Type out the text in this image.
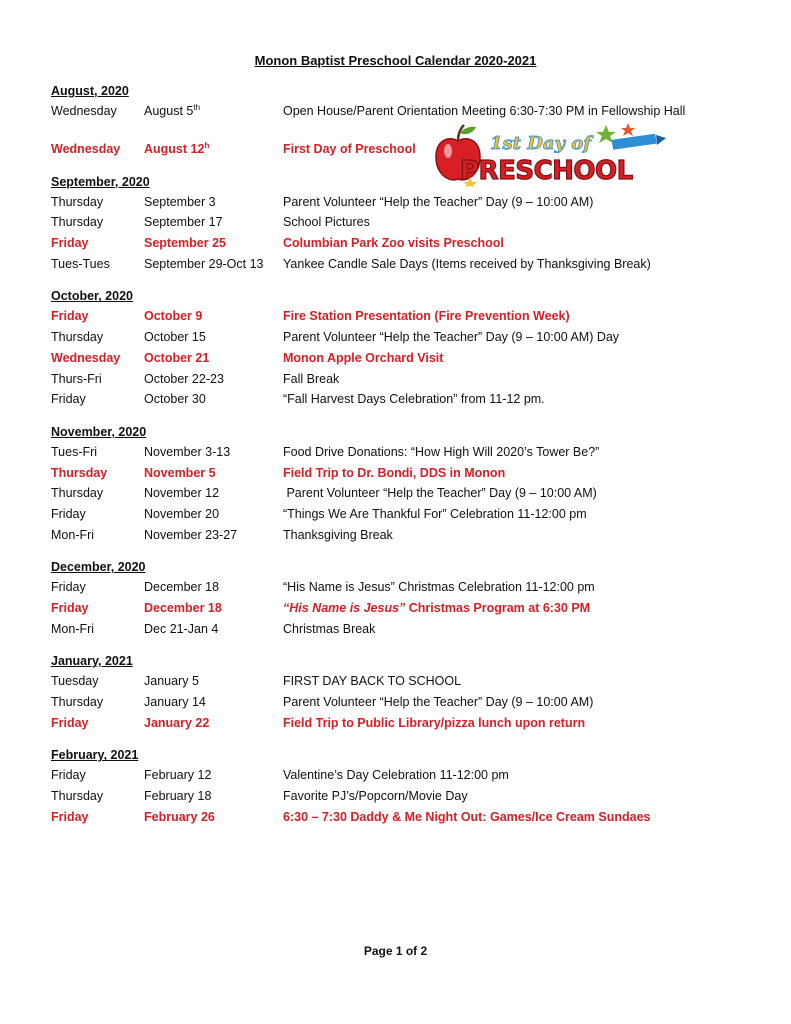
Monon Baptist Preschool Calendar 2020-2021
August, 2020
Wednesday	August 5th	Open House/Parent Orientation Meeting 6:30-7:30 PM in Fellowship Hall
Wednesday	August 12$^h$	First Day of Preschool
September, 2020
Thursday	September 3	Parent Volunteer “Help the Teacher” Day (9 – 10:00 AM)
Thursday	September 17	School Pictures
Friday	September 25	Columbian Park Zoo visits Preschool
Tues-Tues	September 29-Oct 13	Yankee Candle Sale Days (Items received by Thanksgiving Break)
October, 2020
Friday	October 9	Fire Station Presentation (Fire Prevention Week)
Thursday	October 15	Parent Volunteer “Help the Teacher” Day (9 – 10:00 AM) Day
Wednesday	October 21	Monon Apple Orchard Visit
Thurs-Fri	October 22-23	Fall Break
Friday	October 30	“Fall Harvest Days Celebration” from 11-12 pm.
November, 2020
Tues-Fri	November 3-13	Food Drive Donations: “How High Will 2020’s Tower Be?”
Thursday	November 5	Field Trip to Dr. Bondi, DDS in Monon
Thursday	November 12	Parent Volunteer “Help the Teacher” Day (9 – 10:00 AM)
Friday	November 20	“Things We Are Thankful For” Celebration 11-12:00 pm
Mon-Fri	November 23-27	Thanksgiving Break
December, 2020
Friday	December 18	“His Name is Jesus” Christmas Celebration 11-12:00 pm
Friday	December 18	“His Name is Jesus” Christmas Program at 6:30 PM
Mon-Fri	Dec 21-Jan 4	Christmas Break
January, 2021
Tuesday	January 5	FIRST DAY BACK TO SCHOOL
Thursday	January 14	Parent Volunteer “Help the Teacher” Day (9 – 10:00 AM)
Friday	January 22	Field Trip to Public Library/pizza lunch upon return
February, 2021
Friday	February 12	Valentine’s Day Celebration 11-12:00 pm
Thursday	February 18	Favorite PJ’s/Popcorn/Movie Day
Friday	February 26	6:30 – 7:30 Daddy & Me Night Out: Games/Ice Cream Sundaes
1st Day of
PRESCHOOL
Page 1 of 2
